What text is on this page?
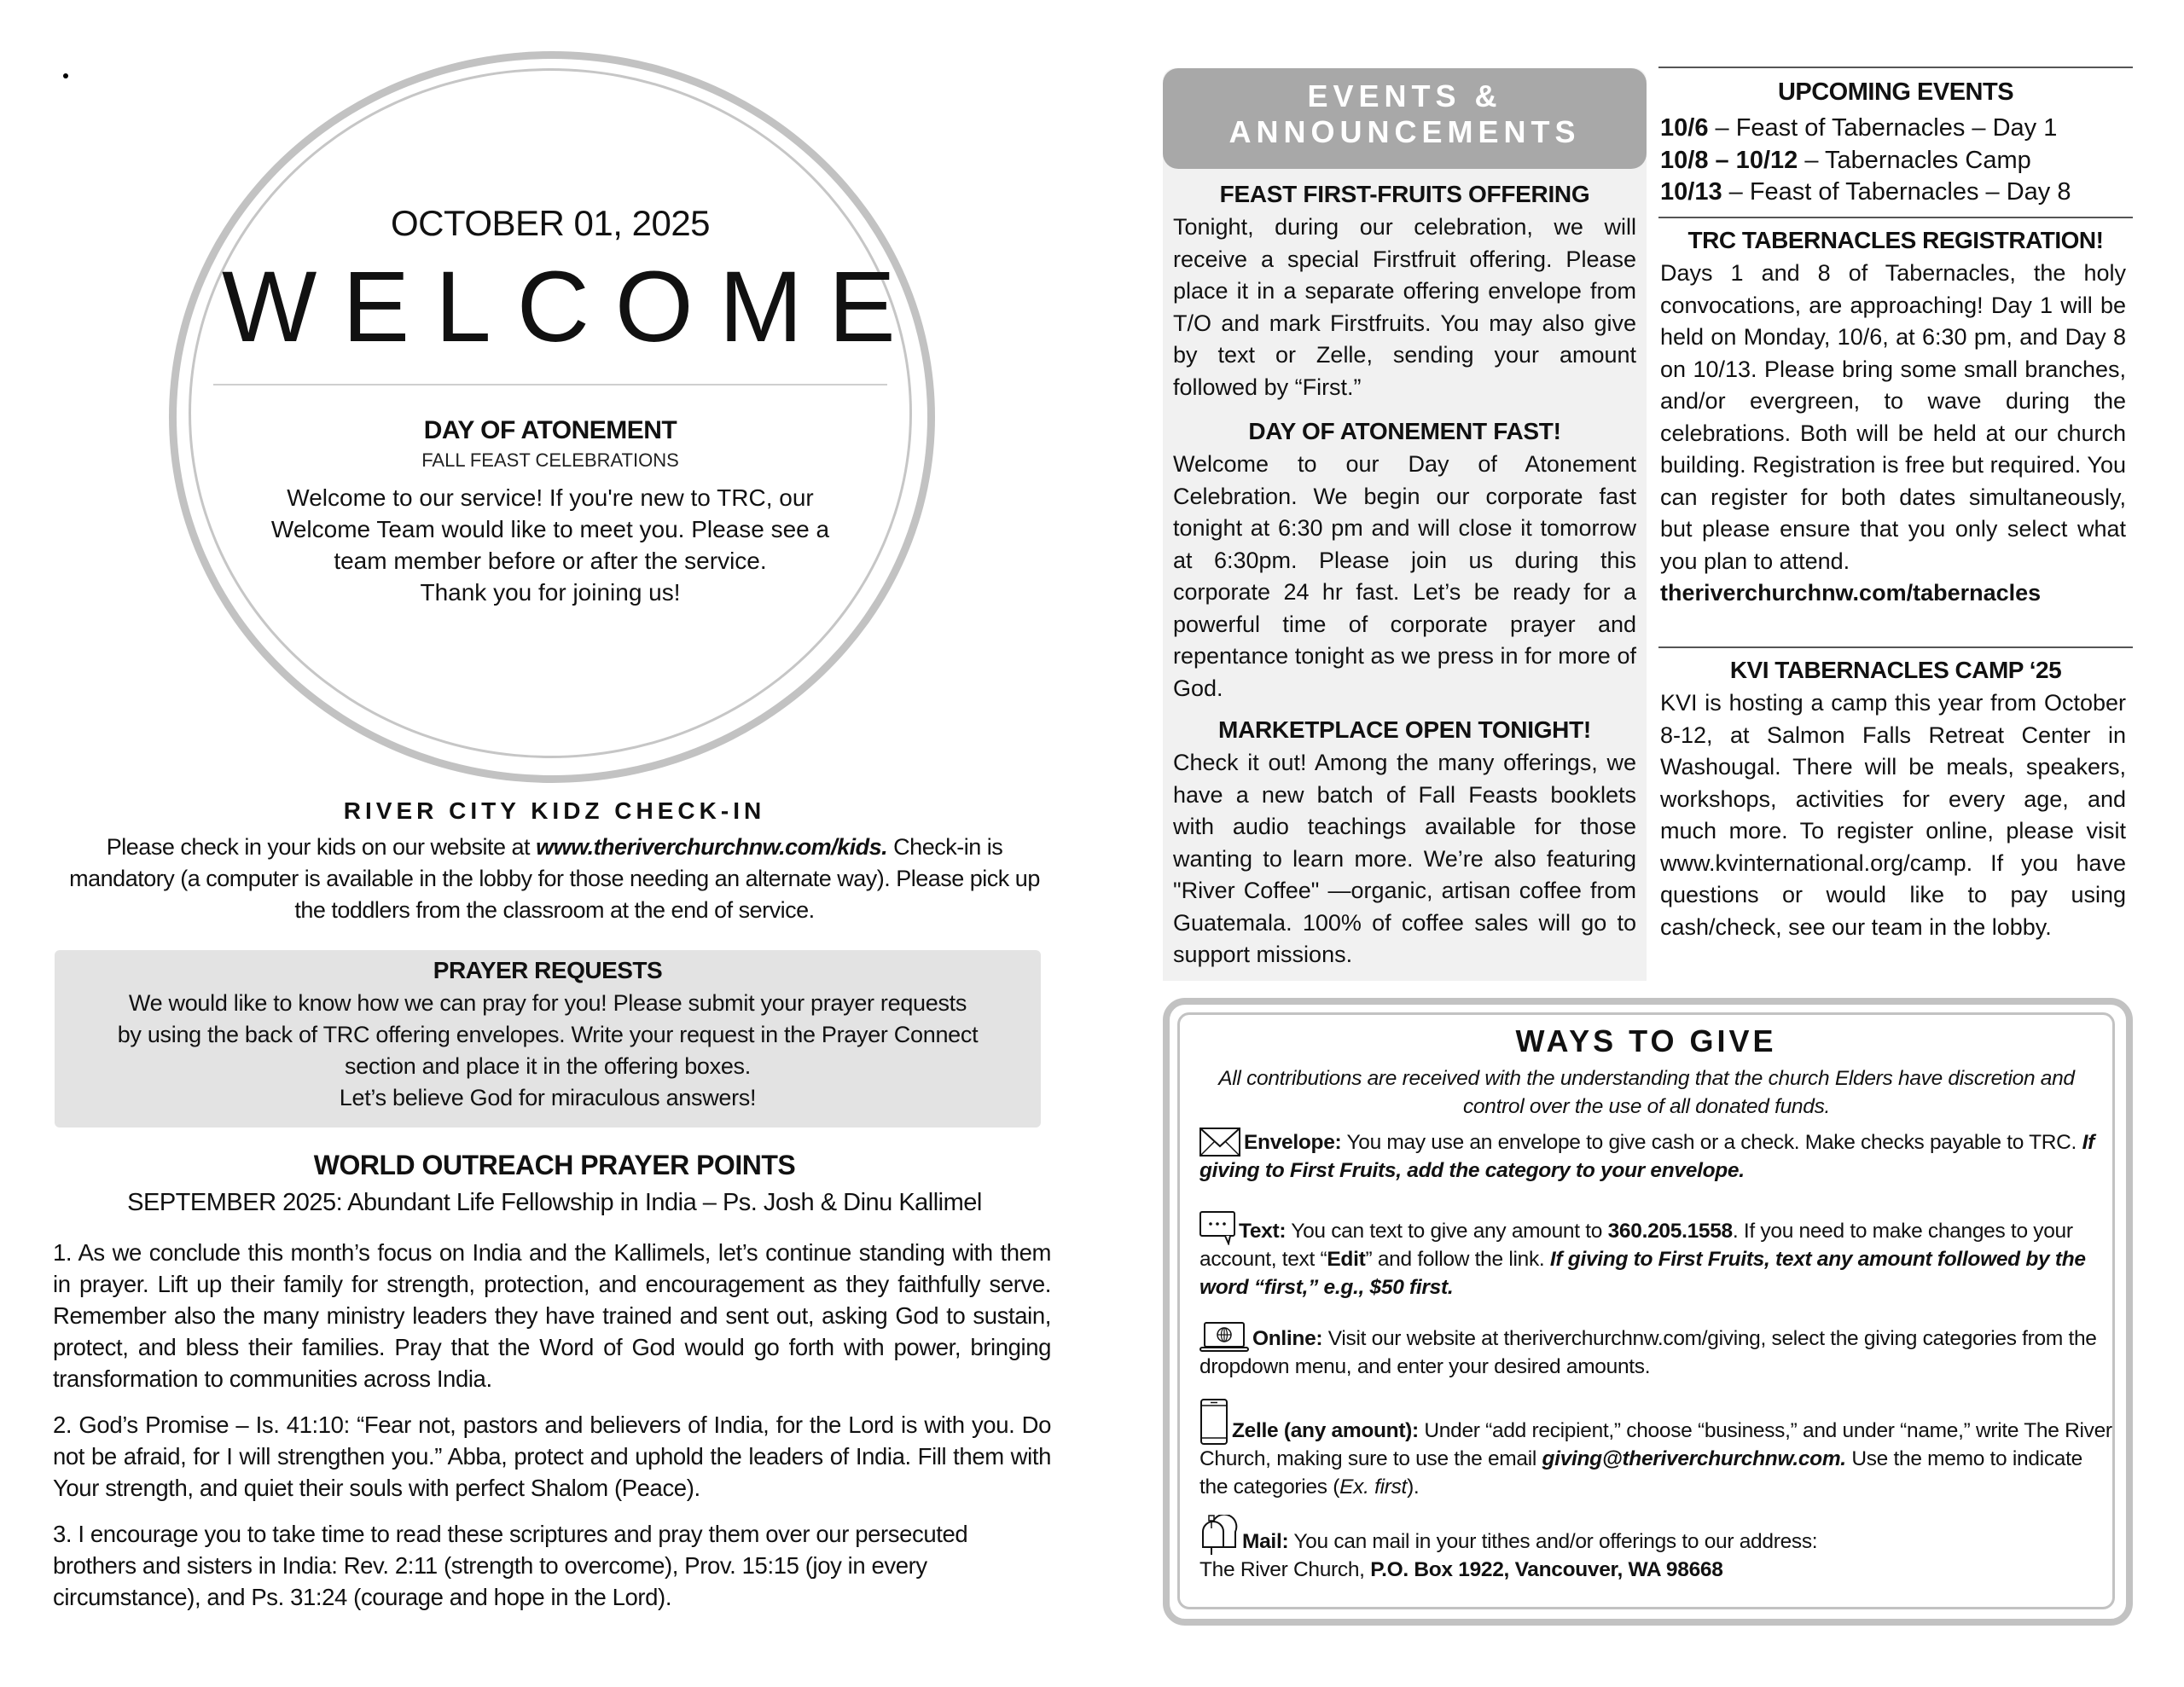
OCTOBER 01, 2025
WELCOME
DAY OF ATONEMENT
FALL FEAST CELEBRATIONS
Welcome to our service! If you're new to TRC, our Welcome Team would like to meet you. Please see a team member before or after the service.
Thank you for joining us!
RIVER CITY KIDZ CHECK-IN
Please check in your kids on our website at www.theriverchurchnw.com/kids. Check-in is mandatory (a computer is available in the lobby for those needing an alternate way). Please pick up the toddlers from the classroom at the end of service.
PRAYER REQUESTS
We would like to know how we can pray for you! Please submit your prayer requests by using the back of TRC offering envelopes. Write your request in the Prayer Connect section and place it in the offering boxes.
Let’s believe God for miraculous answers!
WORLD OUTREACH PRAYER POINTS
SEPTEMBER 2025: Abundant Life Fellowship in India – Ps. Josh & Dinu Kallimel
1. As we conclude this month’s focus on India and the Kallimels, let’s continue standing with them in prayer. Lift up their family for strength, protection, and encouragement as they faithfully serve. Remember also the many ministry leaders they have trained and sent out, asking God to sustain, protect, and bless their families. Pray that the Word of God would go forth with power, bringing transformation to communities across India.
2. God’s Promise – Is. 41:10: “Fear not, pastors and believers of India, for the Lord is with you. Do not be afraid, for I will strengthen you.” Abba, protect and uphold the leaders of India. Fill them with Your strength, and quiet their souls with perfect Shalom (Peace).
3. I encourage you to take time to read these scriptures and pray them over our persecuted brothers and sisters in India: Rev. 2:11 (strength to overcome), Prov. 15:15 (joy in every circumstance), and Ps. 31:24 (courage and hope in the Lord).
EVENTS &
ANNOUNCEMENTS
FEAST FIRST-FRUITS OFFERING
Tonight, during our celebration, we will receive a special Firstfruit offering. Please place it in a separate offering envelope from T/O and mark Firstfruits. You may also give by text or Zelle, sending your amount followed by “First.”
DAY OF ATONEMENT FAST!
Welcome to our Day of Atonement Celebration. We begin our corporate fast tonight at 6:30 pm and will close it tomorrow at 6:30pm. Please join us during this corporate 24 hr fast. Let’s be ready for a powerful time of corporate prayer and repentance tonight as we press in for more of God.
MARKETPLACE OPEN TONIGHT!
Check it out! Among the many offerings, we have a new batch of Fall Feasts booklets with audio teachings available for those wanting to learn more. We’re also featuring "River Coffee" —organic, artisan coffee from Guatemala. 100% of coffee sales will go to support missions.
UPCOMING EVENTS
10/6 – Feast of Tabernacles – Day 1
10/8 – 10/12 – Tabernacles Camp
10/13 – Feast of Tabernacles – Day 8
TRC TABERNACLES REGISTRATION!
Days 1 and 8 of Tabernacles, the holy convocations, are approaching! Day 1 will be held on Monday, 10/6, at 6:30 pm, and Day 8 on 10/13. Please bring some small branches, and/or evergreen, to wave during the celebrations. Both will be held at our church building. Registration is free but required. You can register for both dates simultaneously, but please ensure that you only select what you plan to attend.
theriverchurchnw.com/tabernacles
KVI TABERNACLES CAMP ‘25
KVI is hosting a camp this year from October 8-12, at Salmon Falls Retreat Center in Washougal. There will be meals, speakers, workshops, activities for every age, and much more. To register online, please visit www.kvinternational.org/camp. If you have questions or would like to pay using cash/check, see our team in the lobby.
WAYS TO GIVE
All contributions are received with the understanding that the church Elders have discretion and control over the use of all donated funds.
Envelope: You may use an envelope to give cash or a check. Make checks payable to TRC. If giving to First Fruits, add the category to your envelope.
Text: You can text to give any amount to 360.205.1558. If you need to make changes to your account, text “Edit” and follow the link. If giving to First Fruits, text any amount followed by the word “first,” e.g., $50 first.
Online: Visit our website at theriverchurchnw.com/giving, select the giving categories from the dropdown menu, and enter your desired amounts.
Zelle (any amount): Under “add recipient,” choose “business,” and under “name,” write The River Church, making sure to use the email giving@theriverchurchnw.com. Use the memo to indicate the categories (Ex. first).
Mail: You can mail in your tithes and/or offerings to our address:
The River Church, P.O. Box 1922, Vancouver, WA 98668
